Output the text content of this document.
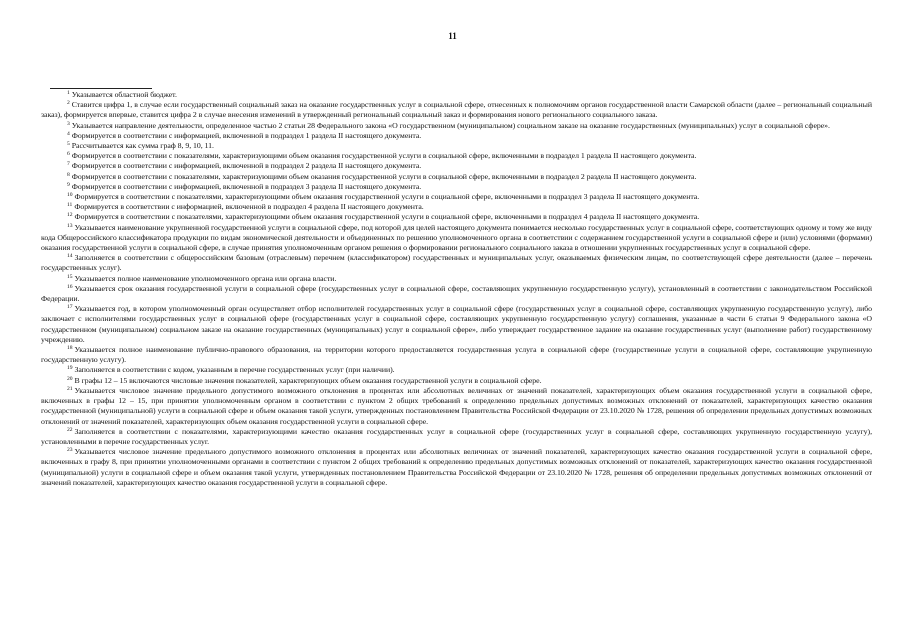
11

$^1$ Указывается областной бюджет.

$^2$ Ставится цифра 1, в случае если государственный социальный заказ на оказание государственных услуг в социальной сфере, отнесенных к полномочиям органов государственной власти Самарской области (далее – региональный социальный заказ), формируется впервые, ставится цифра 2 в случае внесения изменений в утвержденный региональный социальный заказ и формирования нового регионального социального заказа.

$^3$ Указывается направление деятельности, определенное частью 2 статьи 28 Федерального закона «О государственном (муниципальном) социальном заказе на оказание государственных (муниципальных) услуг в социальной сфере».

$^4$ Формируется в соответствии с информацией, включенной в подраздел 1 раздела II настоящего документа.

$^5$ Рассчитывается как сумма граф 8, 9, 10, 11.

$^6$ Формируется в соответствии с показателями, характеризующими объем оказания государственной услуги в социальной сфере, включенными в подраздел 1 раздела II настоящего документа.

$^7$ Формируется в соответствии с информацией, включенной в подраздел 2 раздела II настоящего документа.

$^8$ Формируется в соответствии с показателями, характеризующими объем оказания государственной услуги в социальной сфере, включенными в подраздел 2 раздела II настоящего документа.

$^9$ Формируется в соответствии с информацией, включенной в подраздел 3 раздела II настоящего документа.

$^{10}$ Формируется в соответствии с показателями, характеризующими объем оказания государственной услуги в социальной сфере, включенными в подраздел 3 раздела II настоящего документа.

$^{11}$ Формируется в соответствии с информацией, включенной в подраздел 4 раздела II настоящего документа.

$^{12}$ Формируется в соответствии с показателями, характеризующими объем оказания государственной услуги в социальной сфере, включенными в подраздел 4 раздела II настоящего документа.

$^{13}$ Указывается наименование укрупненной государственной услуги в социальной сфере, под которой для целей настоящего документа понимается несколько государственных услуг в социальной сфере, соответствующих одному и тому же виду кода Общероссийского классификатора продукции по видам экономической деятельности и объединенных по решению уполномоченного органа в соответствии с содержанием государственной услуги в социальной сфере и (или) условиями (формами) оказания государственной услуги в социальной сфере, в случае принятия уполномоченным органом решения о формировании регионального социального заказа в отношении укрупненных государственных услуг в социальной сфере.

$^{14}$ Заполняется в соответствии с общероссийским базовым (отраслевым) перечнем (классификатором) государственных и муниципальных услуг, оказываемых физическим лицам, по соответствующей сфере деятельности (далее – перечень государственных услуг).

$^{15}$ Указывается полное наименование уполномоченного органа или органа власти.

$^{16}$ Указывается срок оказания государственной услуги в социальной сфере (государственных услуг в социальной сфере, составляющих укрупненную государственную услугу), установленный в соответствии с законодательством Российской Федерации.

$^{17}$ Указывается год, в котором уполномоченный орган осуществляет отбор исполнителей государственных услуг в социальной сфере (государственных услуг в социальной сфере, составляющих укрупненную государственную услугу), либо заключает с исполнителями государственных услуг в социальной сфере (государственных услуг в социальной сфере, составляющих укрупненную государственную услугу) соглашения, указанные в части 6 статьи 9 Федерального закона «О государственном (муниципальном) социальном заказе на оказание государственных (муниципальных) услуг в социальной сфере», либо утверждает государственное задание на оказание государственных услуг (выполнение работ) государственному учреждению.

$^{18}$ Указывается полное наименование публично-правового образования, на территории которого предоставляется государственная услуга в социальной сфере (государственные услуги в социальной сфере, составляющие укрупненную государственную услугу).

$^{19}$ Заполняется в соответствии с кодом, указанным в перечне государственных услуг (при наличии).

$^{20}$ В графы 12 – 15 включаются числовые значения показателей, характеризующих объем оказания государственной услуги в социальной сфере.

$^{21}$ Указывается числовое значение предельного допустимого возможного отклонения в процентах или абсолютных величинах от значений показателей, характеризующих объем оказания государственной услуги в социальной сфере, включенных в графы 12 – 15, при принятии уполномоченным органом в соответствии с пунктом 2 общих требований к определению предельных допустимых возможных отклонений от показателей, характеризующих качество оказания государственной (муниципальной) услуги в социальной сфере и объем оказания такой услуги, утвержденных постановлением Правительства Российской Федерации от 23.10.2020 № 1728, решения об определении предельных допустимых возможных отклонений от значений показателей, характеризующих объем оказания государственной услуги в социальной сфере.

$^{22}$ Заполняется в соответствии с показателями, характеризующими качество оказания государственных услуг в социальной сфере (государственных услуг в социальной сфере, составляющих укрупненную государственную услугу), установленными в перечне государственных услуг.

$^{23}$ Указывается числовое значение предельного допустимого возможного отклонения в процентах или абсолютных величинах от значений показателей, характеризующих качество оказания государственной услуги в социальной сфере, включенных в графу 8, при принятии уполномоченными органами в соответствии с пунктом 2 общих требований к определению предельных допустимых возможных отклонений от показателей, характеризующих качество оказания государственной (муниципальной) услуги в социальной сфере и объем оказания такой услуги, утвержденных постановлением Правительства Российской Федерации от 23.10.2020 № 1728, решения об определении предельных допустимых возможных отклонений от значений показателей, характеризующих качество оказания государственной услуги в социальной сфере.
